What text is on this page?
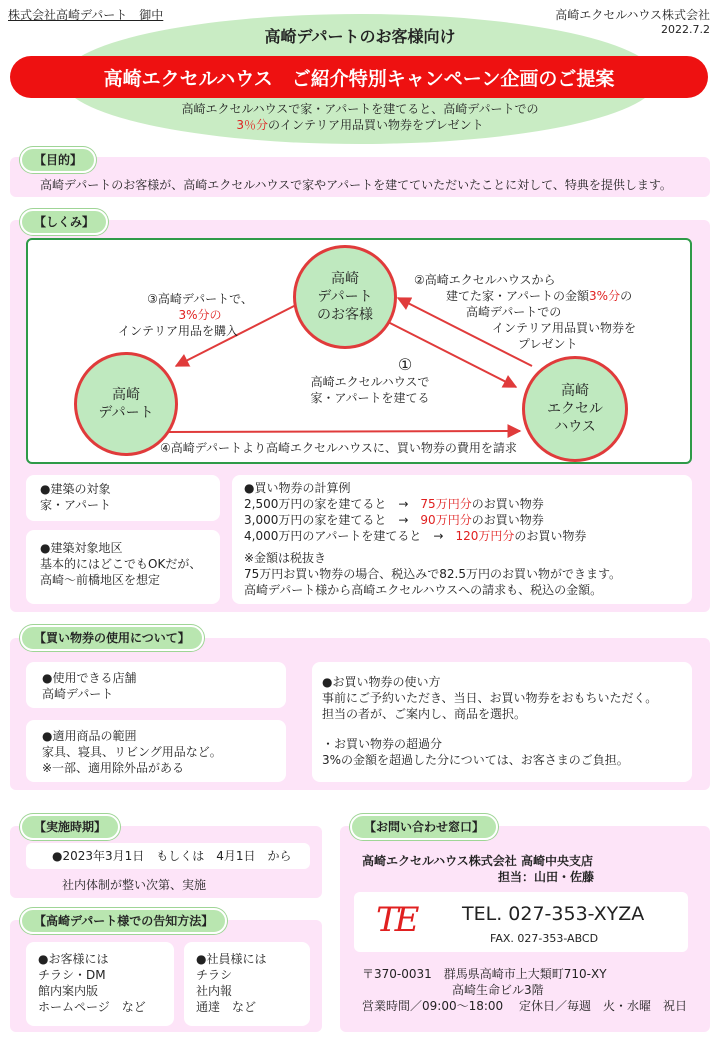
株式会社高崎デパート　御中	高崎エクセルハウス株式会社
2022.7.2
高崎デパートのお客様向け
高崎エクセルハウス　ご紹介特別キャンペーン企画のご提案
高崎エクセルハウスで家・アパートを建てると、高崎デパートでの
3％分のインテリア用品買い物券をプレゼント
【目的】
高崎デパートのお客様が、高崎エクセルハウスで家やアパートを建てていただいたことに対して、特典を提供します。
【しくみ】
高崎
デパート
のお客様
高崎
デパート
高崎
エクセル
ハウス
①
高崎エクセルハウスで
家・アパートを建てる
②高崎エクセルハウスから
建てた家・アパートの金額3%分の
高崎デパートでの
インテリア用品買い物券を
プレゼント
③高崎デパートで、
3%分の
インテリア用品を購入
④高崎デパートより高崎エクセルハウスに、買い物券の費用を請求
●建築の対象
家・アパート
●建築対象地区
基本的にはどこでもOKだが、
高崎～前橋地区を想定
●買い物券の計算例
2,500万円の家を建てると　→　75万円分のお買い物券
3,000万円の家を建てると　→　90万円分のお買い物券
4,000万円のアパートを建てると　→　120万円分のお買い物券
※金額は税抜き
75万円お買い物券の場合、税込みで82.5万円のお買い物ができます。
高崎デパート様から高崎エクセルハウスへの請求も、税込の金額。
【買い物券の使用について】
●使用できる店舗
高崎デパート
●適用商品の範囲
家具、寝具、リビング用品など。
※一部、適用除外品がある
●お買い物券の使い方
事前にご予約いただき、当日、お買い物券をおもちいただく。
担当の者が、ご案内し、商品を選択。
・お買い物券の超過分
3%の金額を超過した分については、お客さまのご負担。
【実施時期】
●2023年3月1日　もしくは　4月1日　から
社内体制が整い次第、実施
【高崎デパート様での告知方法】
●お客様には
チラシ・DM
館内案内版
ホームページ　など
●社員様には
チラシ
社内報
通達　など
【お問い合わせ窓口】
高崎エクセルハウス株式会社 高崎中央支店
担当：山田・佐藤
TE TEL. 027-353-XYZA
FAX. 027-353-ABCD
〒370-0031　群馬県高崎市上大類町710-XY
高崎生命ビル3階
営業時間／09:00～18:00　 定休日／毎週　火・水曜　祝日
